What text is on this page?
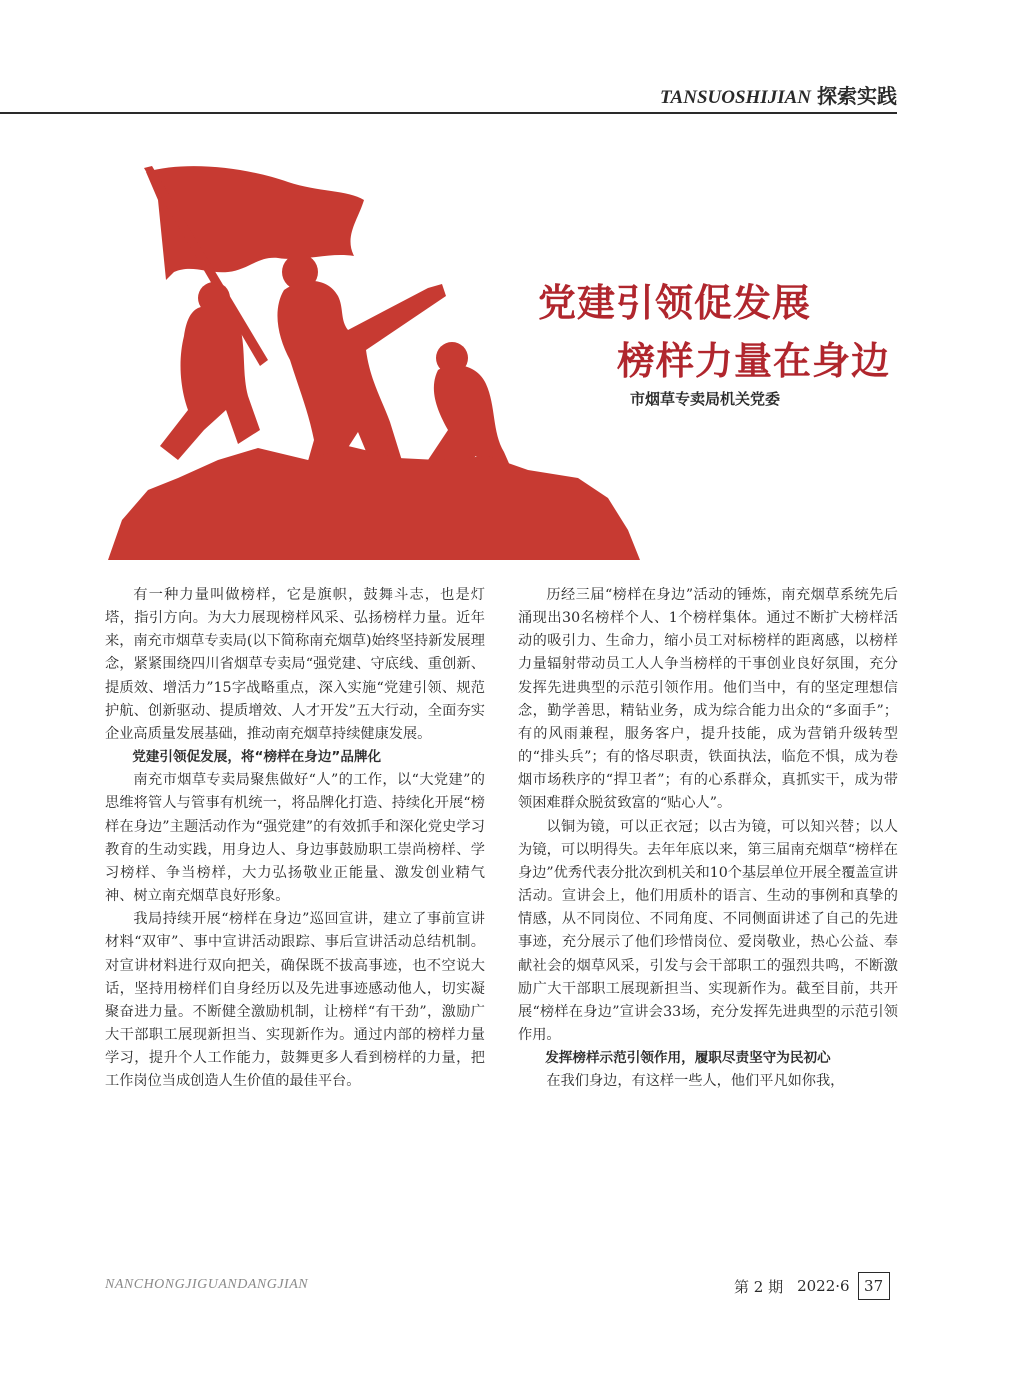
TANSUOSHIJIAN 探索实践
党建引领促发展
榜样力量在身边
市烟草专卖局机关党委

有一种力量叫做榜样，它是旗帜，鼓舞斗志，也是灯塔，指引方向。为大力展现榜样风采、弘扬榜样力量。近年来，南充市烟草专卖局(以下简称南充烟草)始终坚持新发展理念，紧紧围绕四川省烟草专卖局“强党建、守底线、重创新、提质效、增活力”15字战略重点，深入实施“党建引领、规范护航、创新驱动、提质增效、人才开发”五大行动，全面夯实企业高质量发展基础，推动南充烟草持续健康发展。

党建引领促发展，将“榜样在身边”品牌化

南充市烟草专卖局聚焦做好“人”的工作，以“大党建”的思维将管人与管事有机统一，将品牌化打造、持续化开展“榜样在身边”主题活动作为“强党建”的有效抓手和深化党史学习教育的生动实践，用身边人、身边事鼓励职工崇尚榜样、学习榜样、争当榜样，大力弘扬敬业正能量、激发创业精气神、树立南充烟草良好形象。

我局持续开展“榜样在身边”巡回宣讲，建立了事前宣讲材料“双审”、事中宣讲活动跟踪、事后宣讲活动总结机制。对宣讲材料进行双向把关，确保既不拔高事迹，也不空说大话，坚持用榜样们自身经历以及先进事迹感动他人，切实凝聚奋进力量。不断健全激励机制，让榜样“有干劲”，激励广大干部职工展现新担当、实现新作为。通过内部的榜样力量学习，提升个人工作能力，鼓舞更多人看到榜样的力量，把工作岗位当成创造人生价值的最佳平台。

历经三届“榜样在身边”活动的锤炼，南充烟草系统先后涌现出30名榜样个人、1个榜样集体。通过不断扩大榜样活动的吸引力、生命力，缩小员工对标榜样的距离感，以榜样力量辐射带动员工人人争当榜样的干事创业良好氛围，充分发挥先进典型的示范引领作用。他们当中，有的坚定理想信念，勤学善思，精钻业务，成为综合能力出众的“多面手”；有的风雨兼程，服务客户，提升技能，成为营销升级转型的“排头兵”；有的恪尽职责，铁面执法，临危不惧，成为卷烟市场秩序的“捍卫者”；有的心系群众，真抓实干，成为带领困难群众脱贫致富的“贴心人”。

以铜为镜，可以正衣冠；以古为镜，可以知兴替；以人为镜，可以明得失。去年年底以来，第三届南充烟草“榜样在身边”优秀代表分批次到机关和10个基层单位开展全覆盖宣讲活动。宣讲会上，他们用质朴的语言、生动的事例和真挚的情感，从不同岗位、不同角度、不同侧面讲述了自己的先进事迹，充分展示了他们珍惜岗位、爱岗敬业，热心公益、奉献社会的烟草风采，引发与会干部职工的强烈共鸣，不断激励广大干部职工展现新担当、实现新作为。截至目前，共开展“榜样在身边”宣讲会33场，充分发挥先进典型的示范引领作用。

发挥榜样示范引领作用，履职尽责坚守为民初心

在我们身边，有这样一些人，他们平凡如你我，

NANCHONGJIGUANDANGJIAN	第 2 期 2022·6 37
